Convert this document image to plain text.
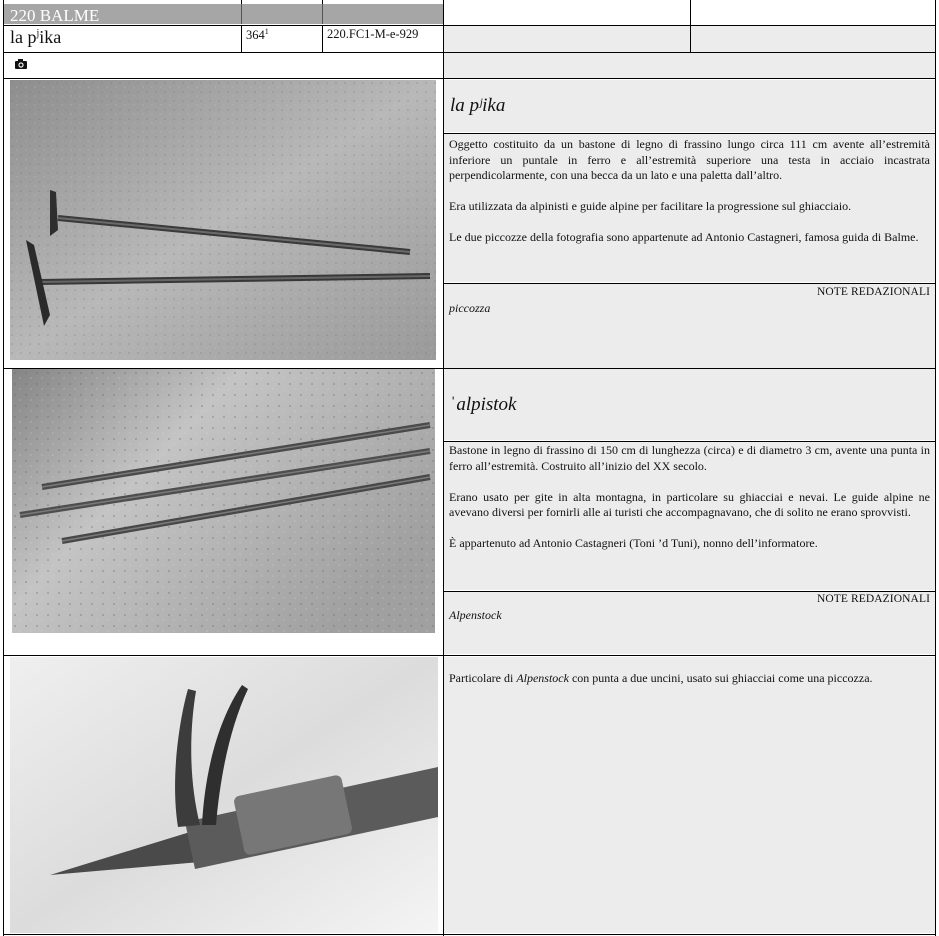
220 BALME
la $p^jika$	$364^1$	220.FC1-M-e-929
la pʲika

Oggetto costituito da un bastone di legno di frassino lungo circa 111 cm avente all’estremità inferiore un puntale in ferro e all’estremità superiore una testa in acciaio incastrata perpendicolarmente, con una becca da un lato e una paletta dall’altro.

Era utilizzata da alpinisti e guide alpine per facilitare la progressione sul ghiacciaio.

Le due piccozze della fotografia sono appartenute ad Antonio Castagneri, famosa guida di Balme.

NOTE REDAZIONALI
piccozza
ˈalpistok

Bastone in legno di frassino di 150 cm di lunghezza (circa) e di diametro 3 cm, avente una punta in ferro all’estremità. Costruito all’inizio del XX secolo.

Erano usato per gite in alta montagna, in particolare su ghiacciai e nevai. Le guide alpine ne avevano diversi per fornirli alle ai turisti che accompagnavano, che di solito ne erano sprovvisti.

È appartenuto ad Antonio Castagneri (Toni ’d Tuni), nonno dell’informatore.

NOTE REDAZIONALI
Alpenstock
Particolare di Alpenstock con punta a due uncini, usato sui ghiacciai come una piccozza.
